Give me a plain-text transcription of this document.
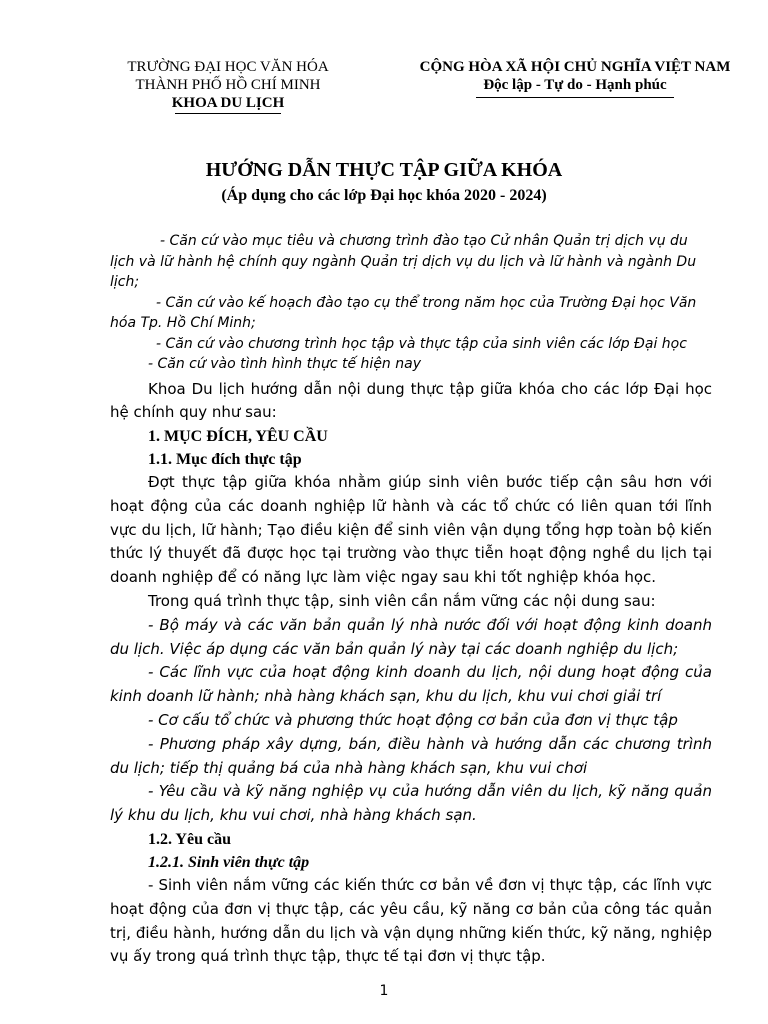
TRƯỜNG ĐẠI HỌC VĂN HÓA
THÀNH PHỐ HỒ CHÍ MINH
KHOA DU LỊCH
CỘNG HÒA XÃ HỘI CHỦ NGHĨA VIỆT NAM
Độc lập - Tự do - Hạnh phúc
HƯỚNG DẪN THỰC TẬP GIỮA KHÓA
(Áp dụng cho các lớp Đại học khóa 2020 - 2024)

- Căn cứ vào mục tiêu và chương trình đào tạo Cử nhân Quản trị dịch vụ du lịch và lữ hành hệ chính quy ngành Quản trị dịch vụ du lịch và lữ hành và ngành Du lịch;

- Căn cứ vào kế hoạch đào tạo cụ thể trong năm học của Trường Đại học Văn hóa Tp. Hồ Chí Minh;

- Căn cứ vào chương trình học tập và thực tập của sinh viên các lớp Đại học

- Căn cứ vào tình hình thực tế hiện nay

Khoa Du lịch hướng dẫn nội dung thực tập giữa khóa cho các lớp Đại học hệ chính quy như sau:

1. MỤC ĐÍCH, YÊU CẦU

1.1. Mục đích thực tập

Đợt thực tập giữa khóa nhằm giúp sinh viên bước tiếp cận sâu hơn với hoạt động của các doanh nghiệp lữ hành và các tổ chức có liên quan tới lĩnh vực du lịch, lữ hành; Tạo điều kiện để sinh viên vận dụng tổng hợp toàn bộ kiến thức lý thuyết đã được học tại trường vào thực tiễn hoạt động nghề du lịch tại doanh nghiệp để có năng lực làm việc ngay sau khi tốt nghiệp khóa học.

Trong quá trình thực tập, sinh viên cần nắm vững các nội dung sau:

- Bộ máy và các văn bản quản lý nhà nước đối với hoạt động kinh doanh du lịch. Việc áp dụng các văn bản quản lý này tại các doanh nghiệp du lịch;

- Các lĩnh vực của hoạt động kinh doanh du lịch, nội dung hoạt động của kinh doanh lữ hành; nhà hàng khách sạn, khu du lịch, khu vui chơi giải trí

- Cơ cấu tổ chức và phương thức hoạt động cơ bản của đơn vị thực tập

- Phương pháp xây dựng, bán, điều hành và hướng dẫn các chương trình du lịch; tiếp thị quảng bá của nhà hàng khách sạn, khu vui chơi

- Yêu cầu và kỹ năng nghiệp vụ của hướng dẫn viên du lịch, kỹ năng quản lý khu du lịch, khu vui chơi, nhà hàng khách sạn.

1.2. Yêu cầu

1.2.1. Sinh viên thực tập

- Sinh viên nắm vững các kiến thức cơ bản về đơn vị thực tập, các lĩnh vực hoạt động của đơn vị thực tập, các yêu cầu, kỹ năng cơ bản của công tác quản trị, điều hành, hướng dẫn du lịch và vận dụng những kiến thức, kỹ năng, nghiệp vụ ấy trong quá trình thực tập, thực tế tại đơn vị thực tập.

1
